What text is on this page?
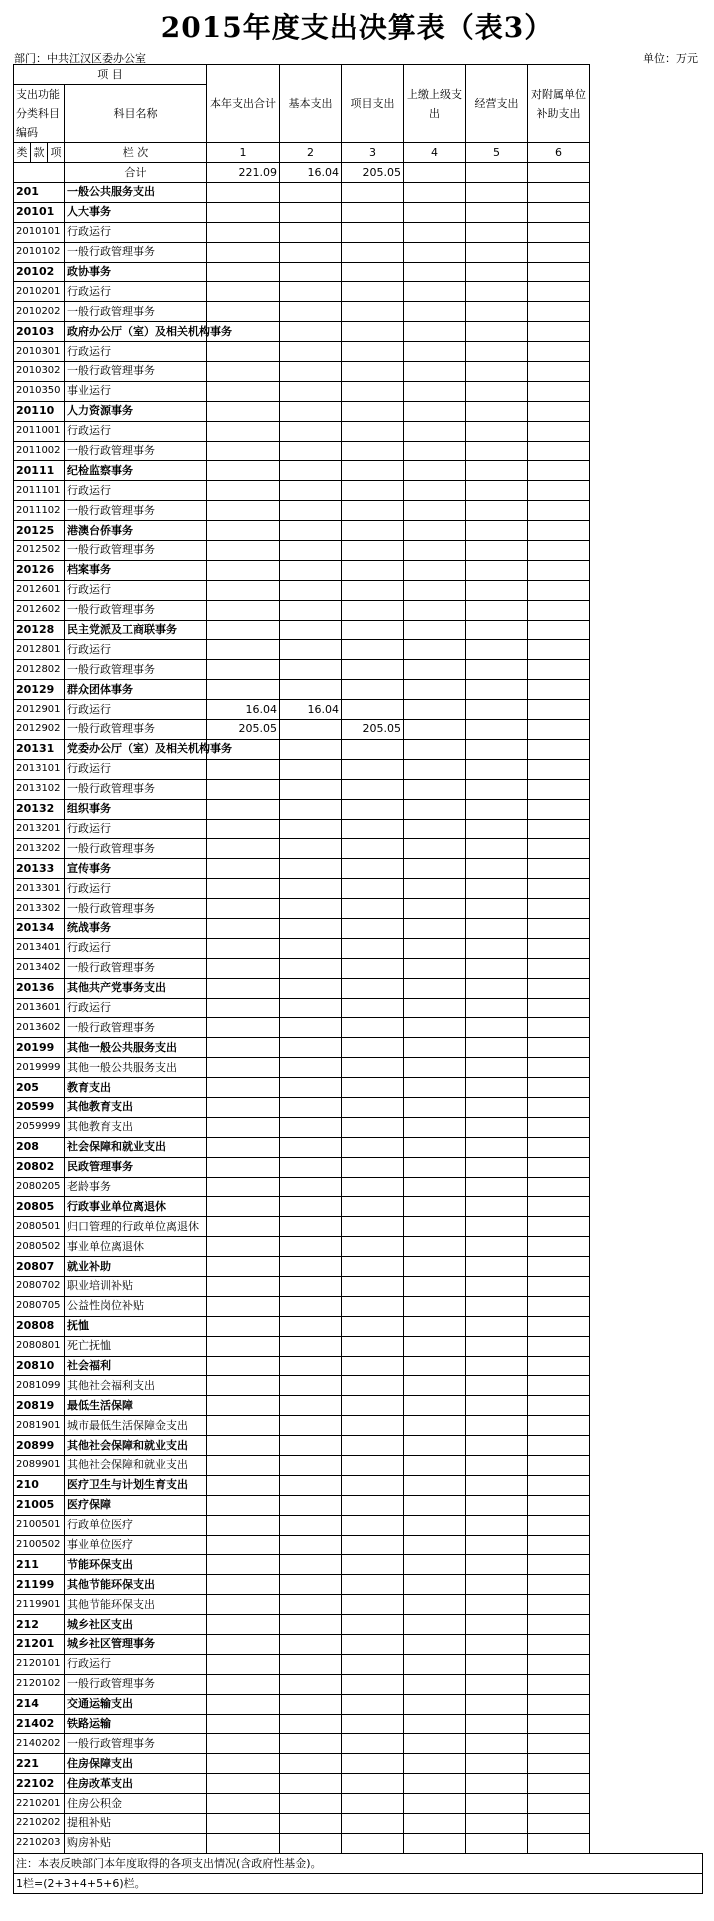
2015年度支出决算表（表3）
部门：中共江汉区委办公室	单位：万元
项 目				本年支出合计	基本支出	项目支出	上缴上级支出	经营支出	对附属单位补助支出
支出功能分类科目编码			科目名称						

类	款	项	栏 次	1	2	3	4	5	6
			合计	221.09	16.04	205.05			
201			一般公共服务支出						
20101			人大事务						
2010101			行政运行						
2010102			一般行政管理事务						
20102			政协事务						
2010201			行政运行						
2010202			一般行政管理事务						
20103			政府办公厅（室）及相关机构事务						
2010301			行政运行						
2010302			一般行政管理事务						
2010350			事业运行						
20110			人力资源事务						
2011001			行政运行						
2011002			一般行政管理事务						
20111			纪检监察事务						
2011101			行政运行						
2011102			一般行政管理事务						
20125			港澳台侨事务						
2012502			一般行政管理事务						
20126			档案事务						
2012601			行政运行						
2012602			一般行政管理事务						
20128			民主党派及工商联事务						
2012801			行政运行						
2012802			一般行政管理事务						
20129			群众团体事务						
2012901			行政运行	16.04	16.04				
2012902			一般行政管理事务	205.05		205.05			
20131			党委办公厅（室）及相关机构事务						
2013101			行政运行						
2013102			一般行政管理事务						
20132			组织事务						
2013201			行政运行						
2013202			一般行政管理事务						
20133			宣传事务						
2013301			行政运行						
2013302			一般行政管理事务						
20134			统战事务						
2013401			行政运行						
2013402			一般行政管理事务						
20136			其他共产党事务支出						
2013601			行政运行						
2013602			一般行政管理事务						
20199			其他一般公共服务支出						
2019999			其他一般公共服务支出						
205			教育支出						
20599			其他教育支出						
2059999			其他教育支出						
208			社会保障和就业支出						
20802			民政管理事务						
2080205			老龄事务						
20805			行政事业单位离退休						
2080501			归口管理的行政单位离退休						
2080502			事业单位离退休						
20807			就业补助						
2080702			职业培训补贴						
2080705			公益性岗位补贴						
20808			抚恤						
2080801			死亡抚恤						
20810			社会福利						
2081099			其他社会福利支出						
20819			最低生活保障						
2081901			城市最低生活保障金支出						
20899			其他社会保障和就业支出						
2089901			其他社会保障和就业支出						
210			医疗卫生与计划生育支出						
21005			医疗保障						
2100501			行政单位医疗						
2100502			事业单位医疗						
211			节能环保支出						
21199			其他节能环保支出						
2119901			其他节能环保支出						
212			城乡社区支出						
21201			城乡社区管理事务						
2120101			行政运行						
2120102			一般行政管理事务						
214			交通运输支出						
21402			铁路运输						
2140202			一般行政管理事务						
221			住房保障支出						
22102			住房改革支出						
2210201			住房公积金						
2210202			提租补贴						
2210203			购房补贴						
注：本表反映部门本年度取得的各项支出情况(含政府性基金)。									
1栏=(2+3+4+5+6)栏。									
